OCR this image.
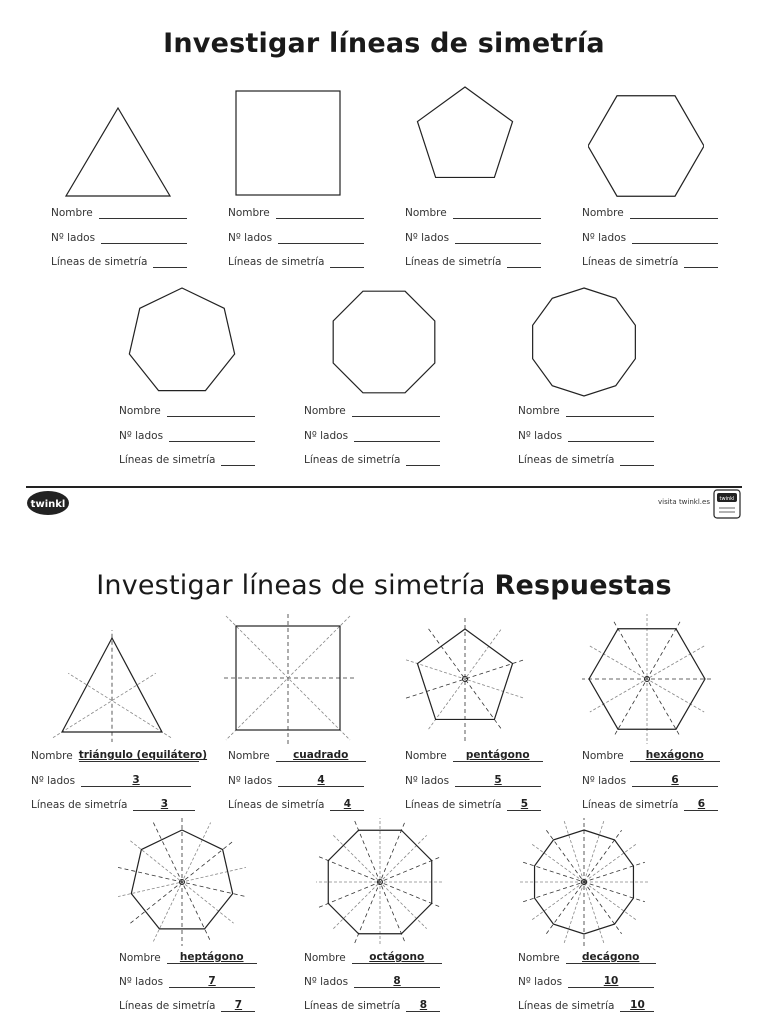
Investigar líneas de simetría
Nombre
Nº lados
Líneas de simetría
Nombre
Nº lados
Líneas de simetría
Nombre
Nº lados
Líneas de simetría
Nombre
Nº lados
Líneas de simetría
Nombre
Nº lados
Líneas de simetría
Nombre
Nº lados
Líneas de simetría
Nombre
Nº lados
Líneas de simetría
twinkl	visita twinkl.es twinkl
Investigar líneas de simetría Respuestas
Nombre triángulo (equilátero)
Nº lados	3
Líneas de simetría	3
Nombre	cuadrado
Nº lados	4
Líneas de simetría	4
Nombre	pentágono
Nº lados	5
Líneas de simetría	5
Nombre	hexágono
Nº lados	6
Líneas de simetría	6
Nombre	heptágono
Nº lados	7
Líneas de simetría	7
Nombre	octágono
Nº lados	8
Líneas de simetría	8
Nombre	decágono
Nº lados	10
Líneas de simetría	10
